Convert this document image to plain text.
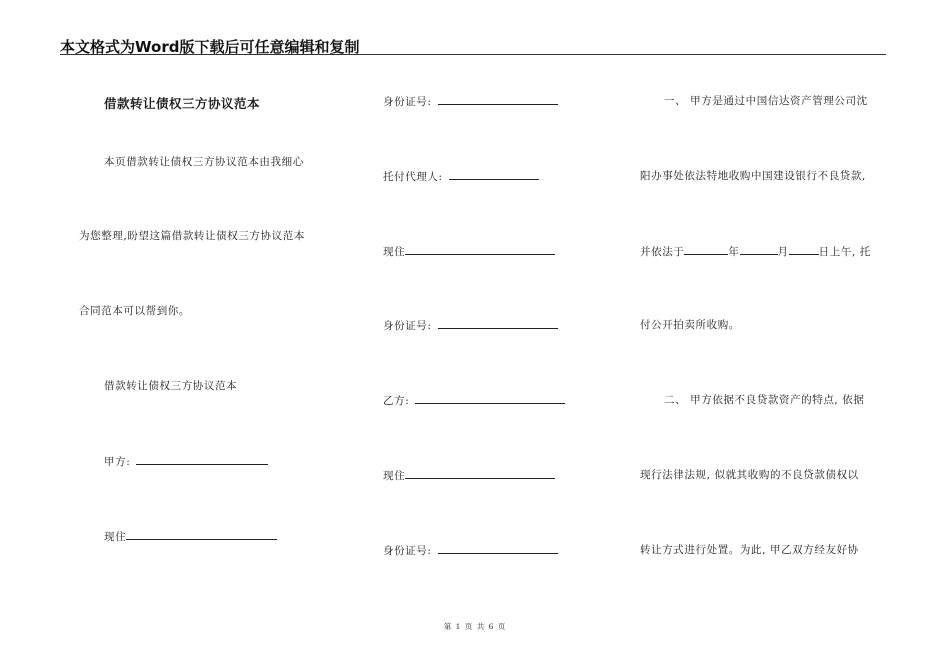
本文格式为Word版下载后可任意编辑和复制
借款转让债权三方协议范本
本页借款转让债权三方协议范本由我细心
为您整理,盼望这篇借款转让债权三方协议范本
合同范本可以帮到你。
借款转让债权三方协议范本
甲方:
现住
身份证号:
托付代理人:
现住
身份证号:
乙方:
现住
身份证号:
一、 甲方是通过中国信达资产管理公司沈
阳办事处依法特地收购中国建设银行不良贷款,
并依法于	年	月	日上午, 托
付公开拍卖所收购。
二、 甲方依据不良贷款资产的特点, 依据
现行法律法规, 似就其收购的不良贷款债权以
转让方式进行处置。为此, 甲乙双方经友好协
第 1 页 共 6 页
